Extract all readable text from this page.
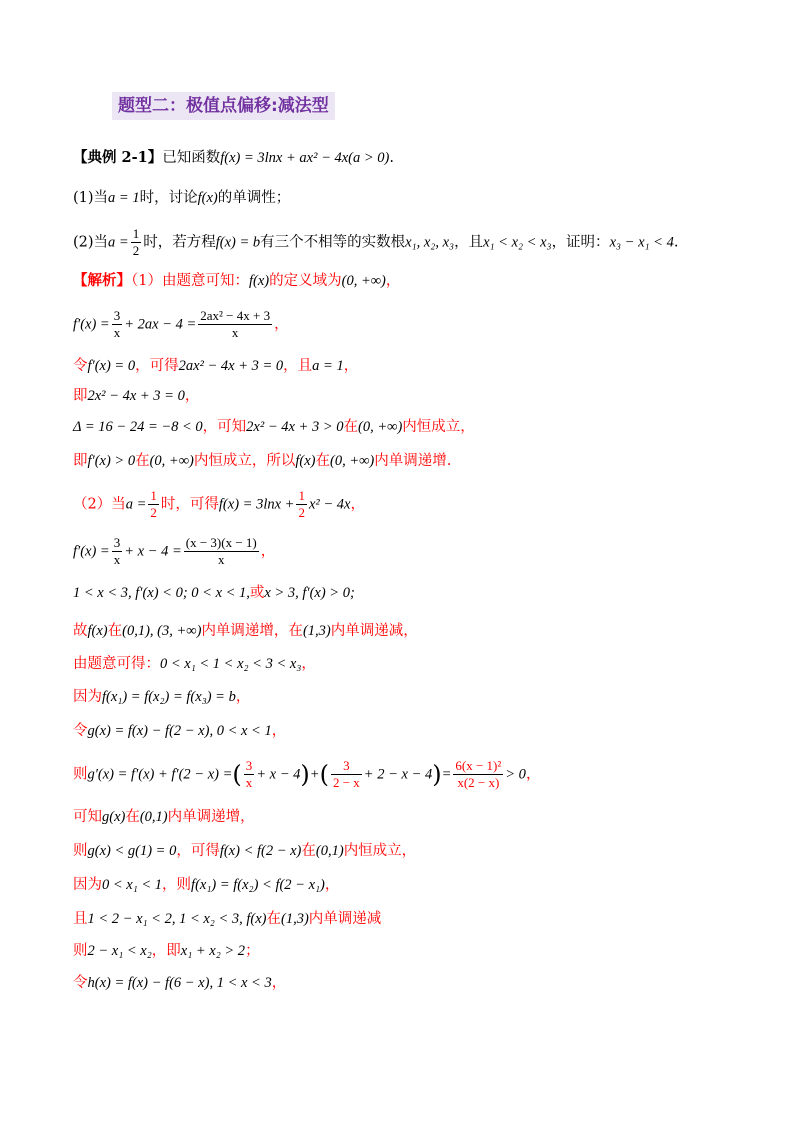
题型二：极值点偏移:减法型
【典例 2-1】已知函数f(x) = 3lnx + ax² − 4x(a > 0).
(1)当a = 1时，讨论f(x)的单调性；
(2)当$a = \frac{1}{2}$ 时，若方程f(x) = b有三个不相等的实数根x₁, x₂, x₃，且x₁ < x₂ < x₃，证明：x₃ − x₁ < 4.
【解析】（1）由题意可知：f(x)的定义域为(0, +∞)，
$f'(x) = \frac{3}{x} + 2ax - 4 = \frac{\text{2ax² − 4x + 3}}{x}$ ，
令f′(x) = 0，可得2ax² − 4x + 3 = 0，且a = 1，
即2x² − 4x + 3 = 0，
Δ = 16 − 24 = −8 < 0，可知2x² − 4x + 3 > 0在(0, +∞)内恒成立，
即f′(x) > 0在(0, +∞)内恒成立，所以f(x)在(0, +∞)内单调递增.
（2）当$a = \frac{1}{2}$ 时，可得$f(x) = 3\ln x + \frac{1}{2} x^2 - 4x$，
$f'(x) = \frac{3}{x} + x - 4 = \frac{(x - 3)(x - 1)}{x}$ ，
1 < x < 3, f′(x) < 0; 0 < x < 1,或x > 3, f′(x) > 0;
故f(x)在(0,1), (3, +∞)内单调递增，在(1,3)内单调递减，
由题意可得：0 < x₁ < 1 < x₂ < 3 < x₃，
因为f(x₁) = f(x₂) = f(x₃) = b，
令g(x) = f(x) − f(2 − x), 0 < x < 1，
则g′(x) = f′(x) + f′(2 − x) =( $\frac{3}{x} + x - 4)+( \frac{3}{2 - x} + 2 - x - 4)= \frac{\text{6(x − 1)²}}{x(2 - x)} > 0$，
可知g(x)在(0,1)内单调递增，
则g(x) < g(1) = 0，可得f(x) < f(2 − x)在(0,1)内恒成立，
因为0 < x₁ < 1，则f(x₁) = f(x₂) < f(2 − x₁)，
且1 < 2 − x₁ < 2, 1 < x₂ < 3, f(x)在(1,3)内单调递减
则2 − x₁ < x₂，即x₁ + x₂ > 2；
令h(x) = f(x) − f(6 − x), 1 < x < 3，
